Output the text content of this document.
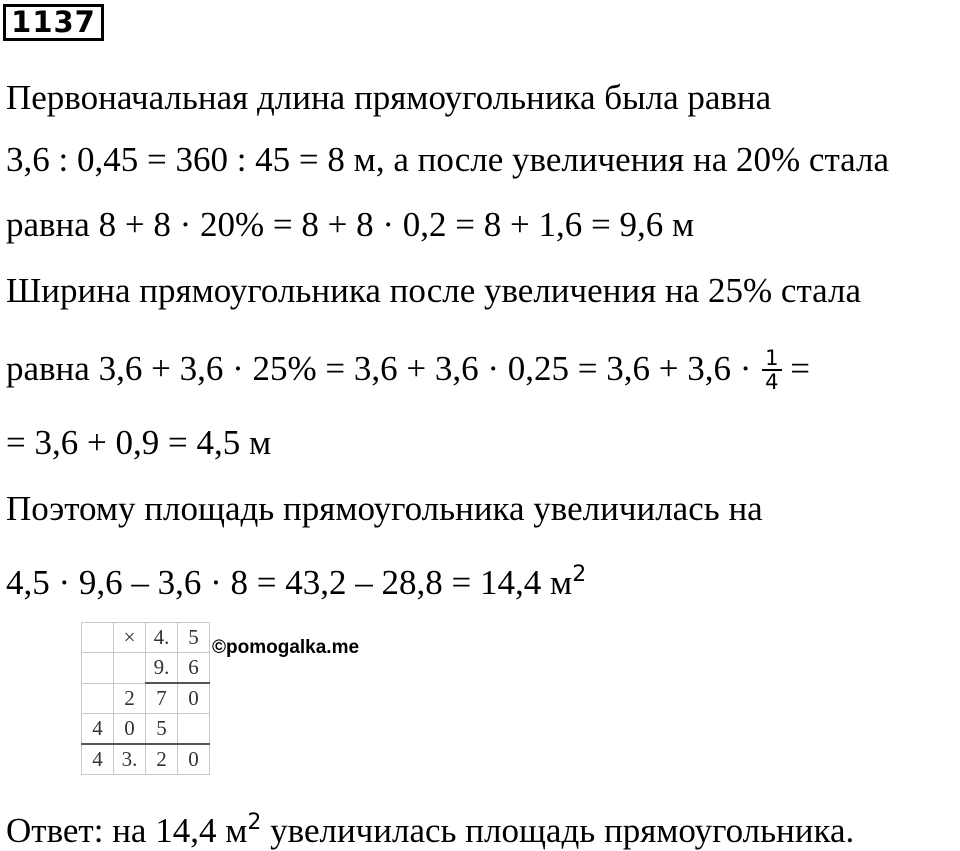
1137
Первоначальная длина прямоугольника была равна
3,6 : 0,45 = 360 : 45 = 8 м, а после увеличения на 20% стала
равна 8 + 8 · 20% = 8 + 8 · 0,2 = 8 + 1,6 = 9,6 м
Ширина прямоугольника после увеличения на 25% стала
равна $3,6 + 3,6 \cdot 25\% = 3,6 + 3,6 \cdot 0,25 = 3,6 + 3,6 \cdot \frac{1}{4}$ =
= 3,6 + 0,9 = 4,5 м
Поэтому площадь прямоугольника увеличилась на
4,5 · 9,6 – 3,6 · 8 = 43,2 – 28,8 = 14,4 $м^2$
	×	4.	5
		9.	6
	2	7	0
4	0	5	
4	3.	2	0
©pomogalka.me
Ответ: на 14,4 $м^2$ увеличилась площадь прямоугольника.
